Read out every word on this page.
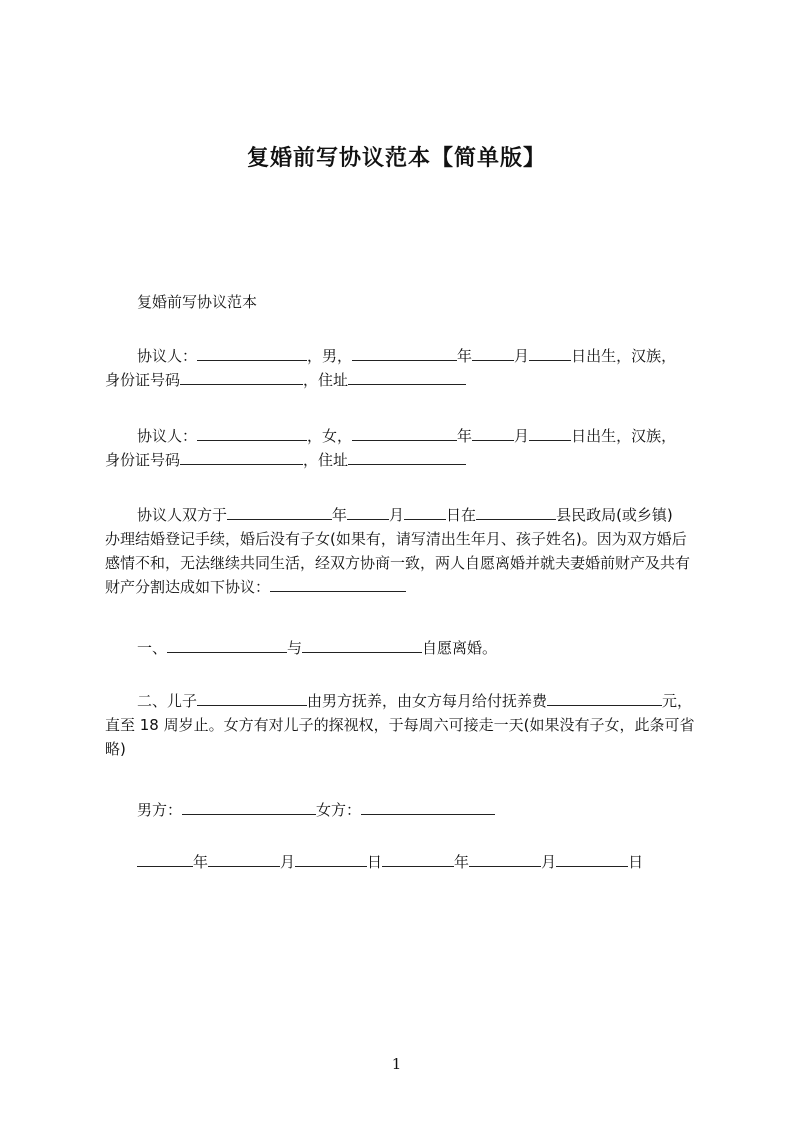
复婚前写协议范本【简单版】
复婚前写协议范本
协议人：	，男，	年	月	日出生，汉族，
身份证号码	，住址
协议人：	，女，	年	月	日出生，汉族，
身份证号码	，住址
协议人双方于	年	月	日在	县民政局(或乡镇)
办理结婚登记手续，婚后没有子女(如果有，请写清出生年月、孩子姓名)。因为双方婚后感情不和，无法继续共同生活，经双方协商一致，两人自愿离婚并就夫妻婚前财产及共有财产分割达成如下协议：
一、	与	自愿离婚。
二、儿子	由男方抚养，由女方每月给付抚养费	元，直至 18 周岁止。女方有对儿子的探视权，于每周六可接走一天(如果没有子女，此条可省略)
男方：	女方：
年	月	日	年	月	日
1
